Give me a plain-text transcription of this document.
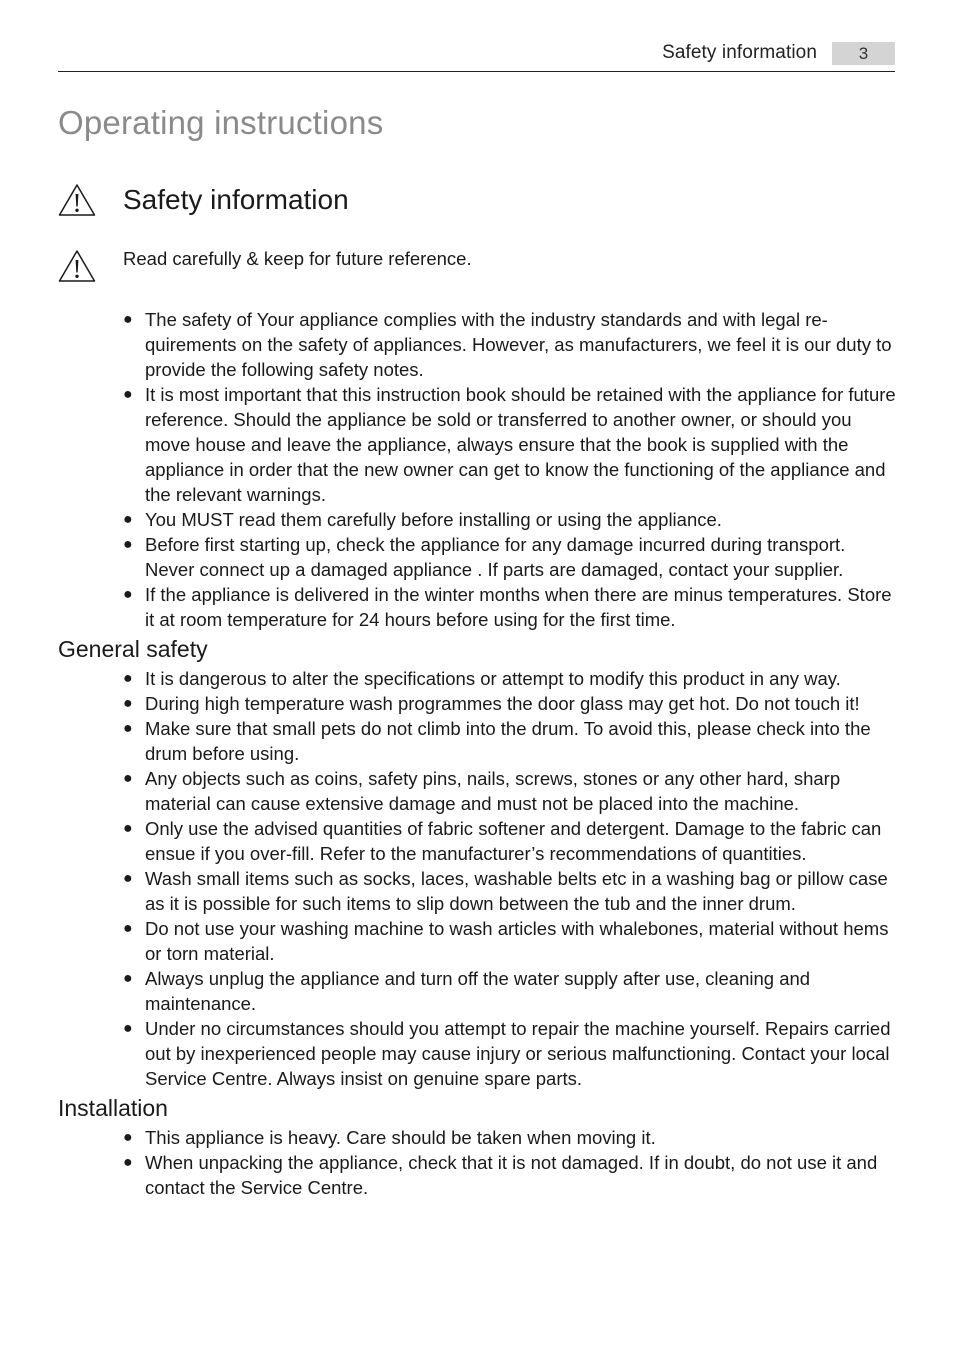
Safety information	3
Operating instructions
Safety information
Read carefully & keep for future reference.
● The safety of Your appliance complies with the industry standards and with legal re-quirements on the safety of appliances. However, as manufacturers, we feel it is our duty to provide the following safety notes.
● It is most important that this instruction book should be retained with the appliance for future reference. Should the appliance be sold or transferred to another owner, or should you move house and leave the appliance, always ensure that the book is supplied with the appliance in order that the new owner can get to know the functioning of the appliance and the relevant warnings.
● You MUST read them carefully before installing or using the appliance.
● Before first starting up, check the appliance for any damage incurred during transport. Never connect up a damaged appliance . If parts are damaged, contact your supplier.
● If the appliance is delivered in the winter months when there are minus temperatures. Store it at room temperature for 24 hours before using for the first time.
General safety
● It is dangerous to alter the specifications or attempt to modify this product in any way.
● During high temperature wash programmes the door glass may get hot. Do not touch it!
● Make sure that small pets do not climb into the drum. To avoid this, please check into the drum before using.
● Any objects such as coins, safety pins, nails, screws, stones or any other hard, sharp material can cause extensive damage and must not be placed into the machine.
● Only use the advised quantities of fabric softener and detergent. Damage to the fabric can ensue if you over-fill. Refer to the manufacturer’s recommendations of quantities.
● Wash small items such as socks, laces, washable belts etc in a washing bag or pillow case as it is possible for such items to slip down between the tub and the inner drum.
● Do not use your washing machine to wash articles with whalebones, material without hems or torn material.
● Always unplug the appliance and turn off the water supply after use, cleaning and maintenance.
● Under no circumstances should you attempt to repair the machine yourself. Repairs carried out by inexperienced people may cause injury or serious malfunctioning. Contact your local Service Centre. Always insist on genuine spare parts.
Installation
● This appliance is heavy. Care should be taken when moving it.
● When unpacking the appliance, check that it is not damaged. If in doubt, do not use it and contact the Service Centre.
